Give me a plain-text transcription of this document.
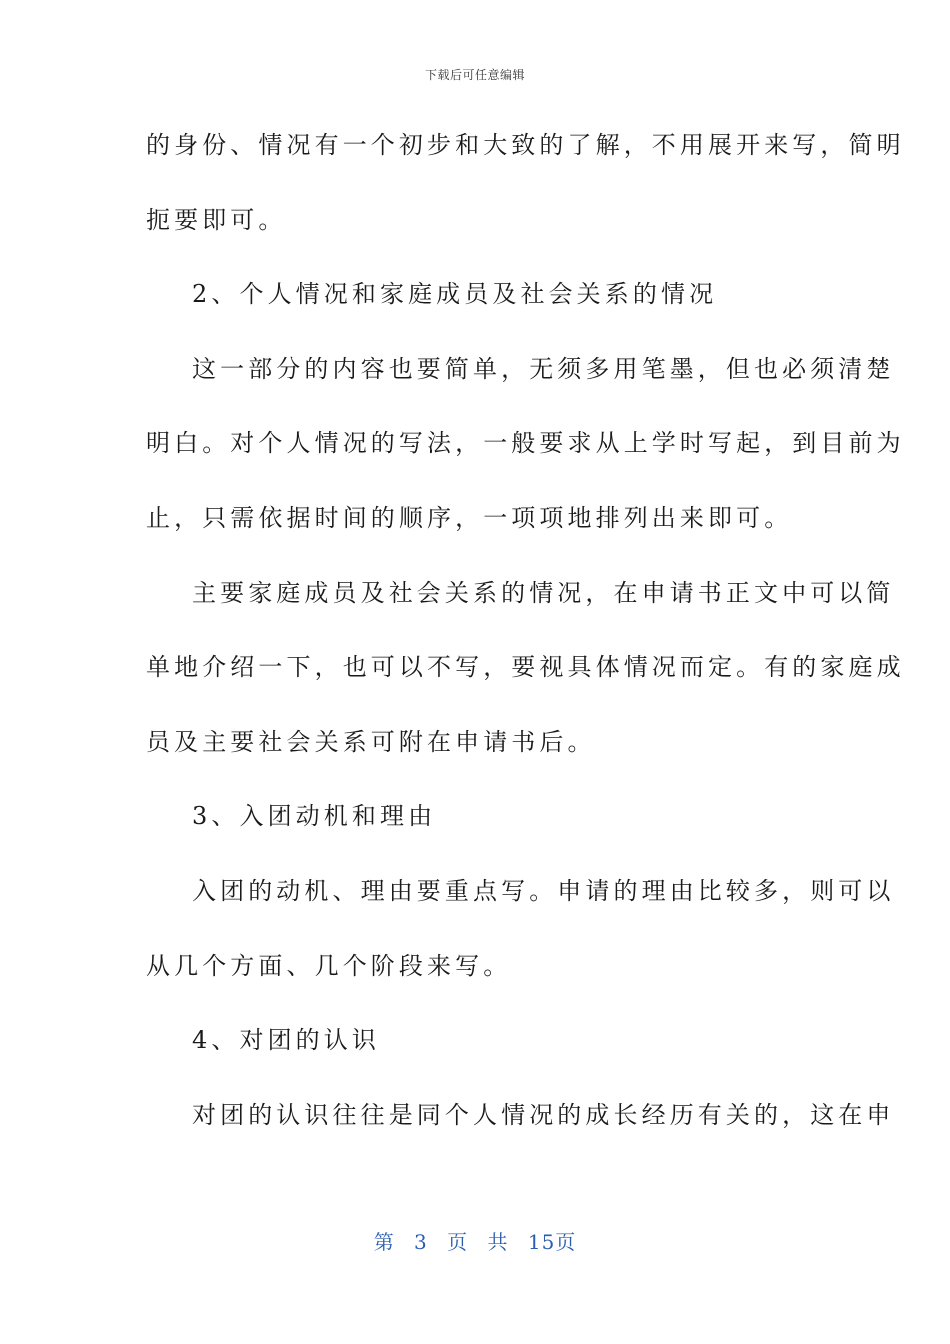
下载后可任意编辑
的身份、情况有一个初步和大致的了解，不用展开来写，简明
扼要即可。
2、个人情况和家庭成员及社会关系的情况
这一部分的内容也要简单，无须多用笔墨，但也必须清楚
明白。对个人情况的写法，一般要求从上学时写起，到目前为
止，只需依据时间的顺序，一项项地排列出来即可。
主要家庭成员及社会关系的情况，在申请书正文中可以简
单地介绍一下，也可以不写，要视具体情况而定。有的家庭成
员及主要社会关系可附在申请书后。
3、入团动机和理由
入团的动机、理由要重点写。申请的理由比较多，则可以
从几个方面、几个阶段来写。
4、对团的认识
对团的认识往往是同个人情况的成长经历有关的，这在申
第 3 页 共 15页
